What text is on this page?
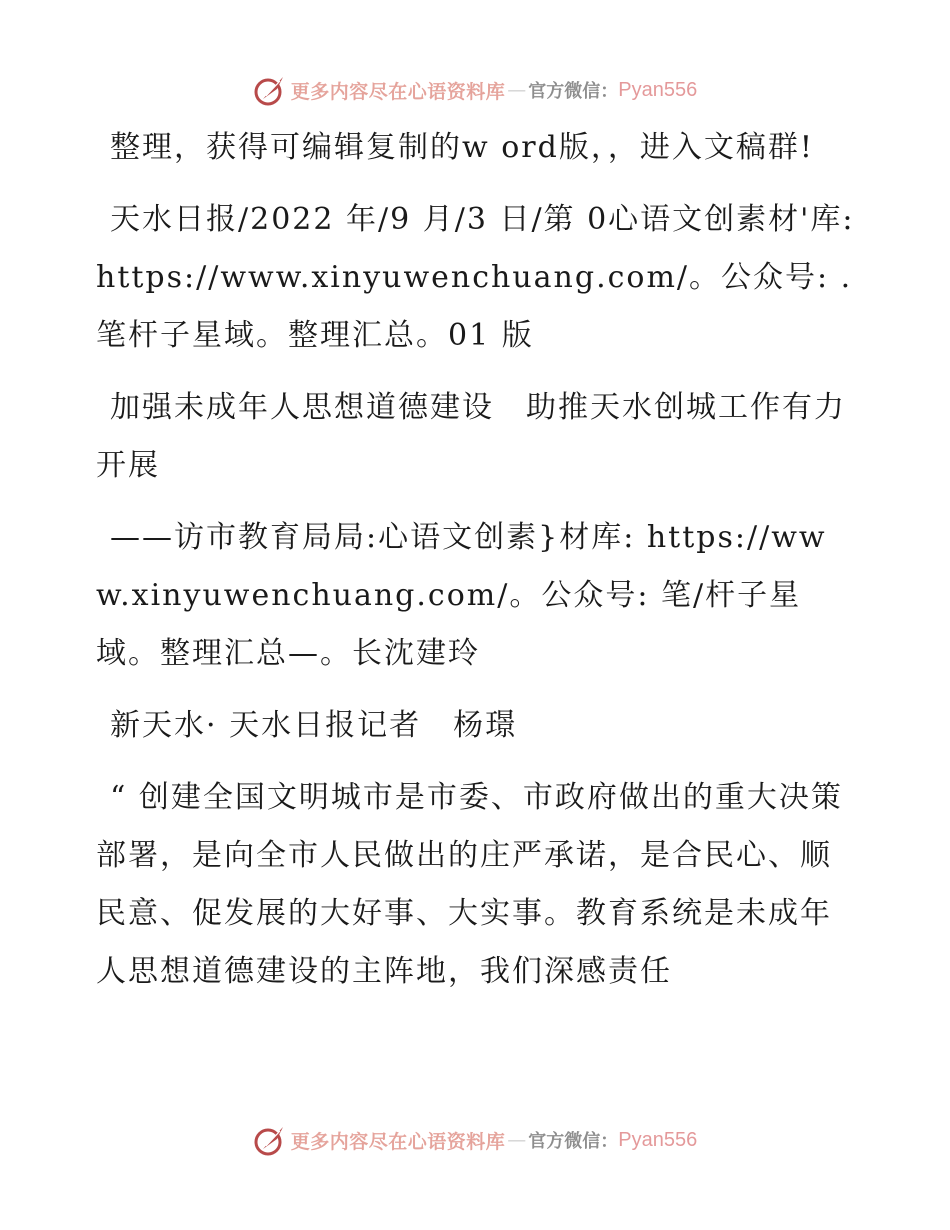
更多内容尽在心语资料库 — 官方微信： Pyan556

整理，获得可编辑复制的w ord版，，进入文稿群!

天水日报/2022 年/9 月/3 日/第 0心语文创素材'库: https://www.xinyuwenchuang.com/。公众号: .笔杆子星域。整理汇总。01 版

加强未成年人思想道德建设　助推天水创城工作有力开展

——访市教育局局:心语文创素}材库: https://www.xinyuwenchuang.com/。公众号: 笔/杆子星域。整理汇总—。长沈建玲

新天水· 天水日报记者　杨璟

“ 创建全国文明城市是市委、市政府做出的重大决策部署，是向全市人民做出的庄严承诺，是合民心、顺民意、促发展的大好事、大实事。教育系统是未成年人思想道德建设的主阵地，我们深感责任

更多内容尽在心语资料库 — 官方微信： Pyan556
